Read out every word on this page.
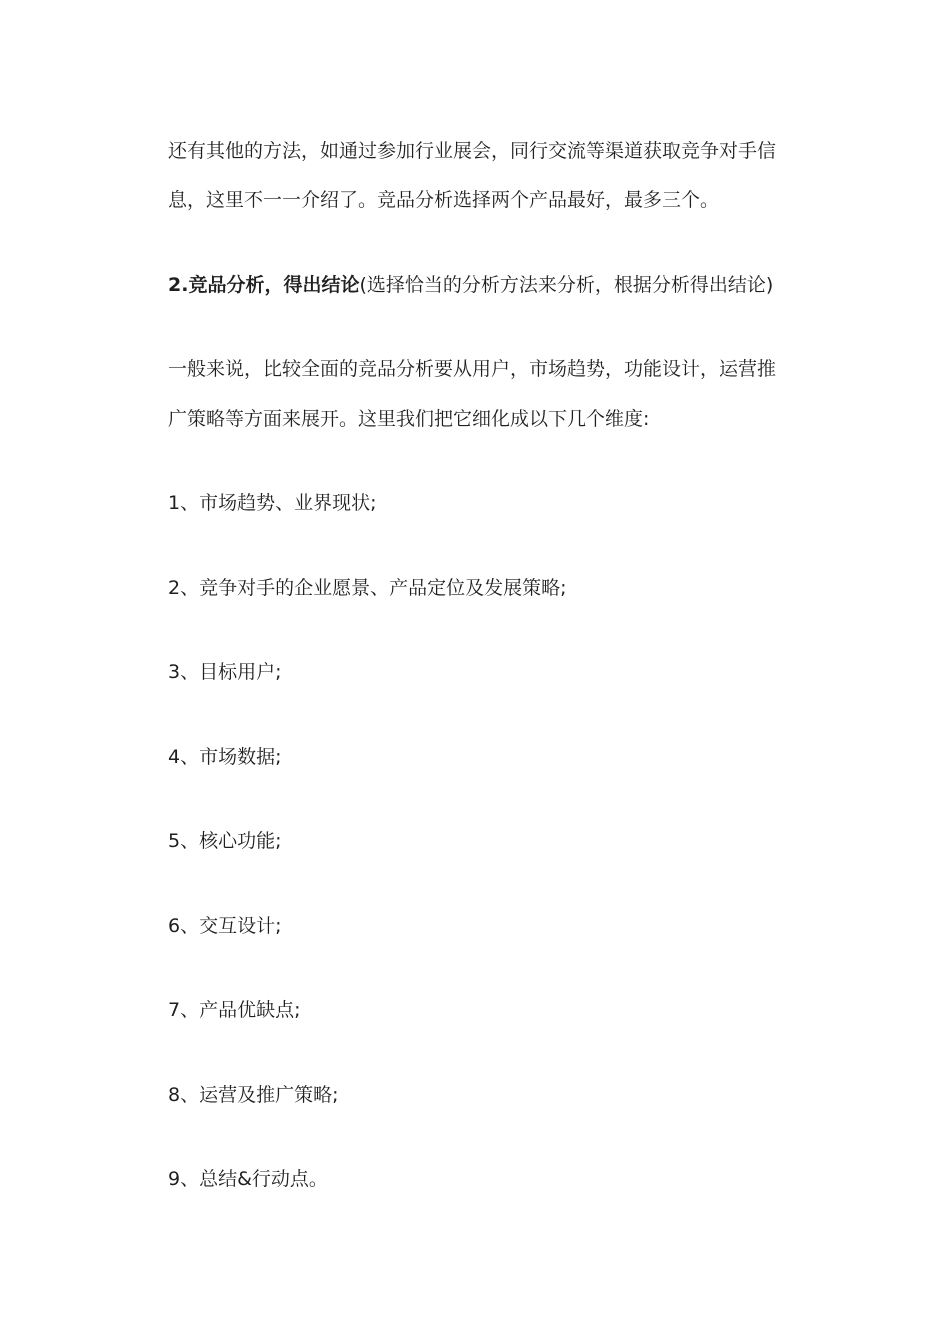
还有其他的方法，如通过参加行业展会，同行交流等渠道获取竞争对手信
息，这里不一一介绍了。竞品分析选择两个产品最好，最多三个。
2.竞品分析，得出结论(选择恰当的分析方法来分析，根据分析得出结论)
一般来说，比较全面的竞品分析要从用户，市场趋势，功能设计，运营推
广策略等方面来展开。这里我们把它细化成以下几个维度:
1、市场趋势、业界现状;
2、竞争对手的企业愿景、产品定位及发展策略;
3、目标用户;
4、市场数据;
5、核心功能;
6、交互设计;
7、产品优缺点;
8、运营及推广策略;
9、总结&行动点。
